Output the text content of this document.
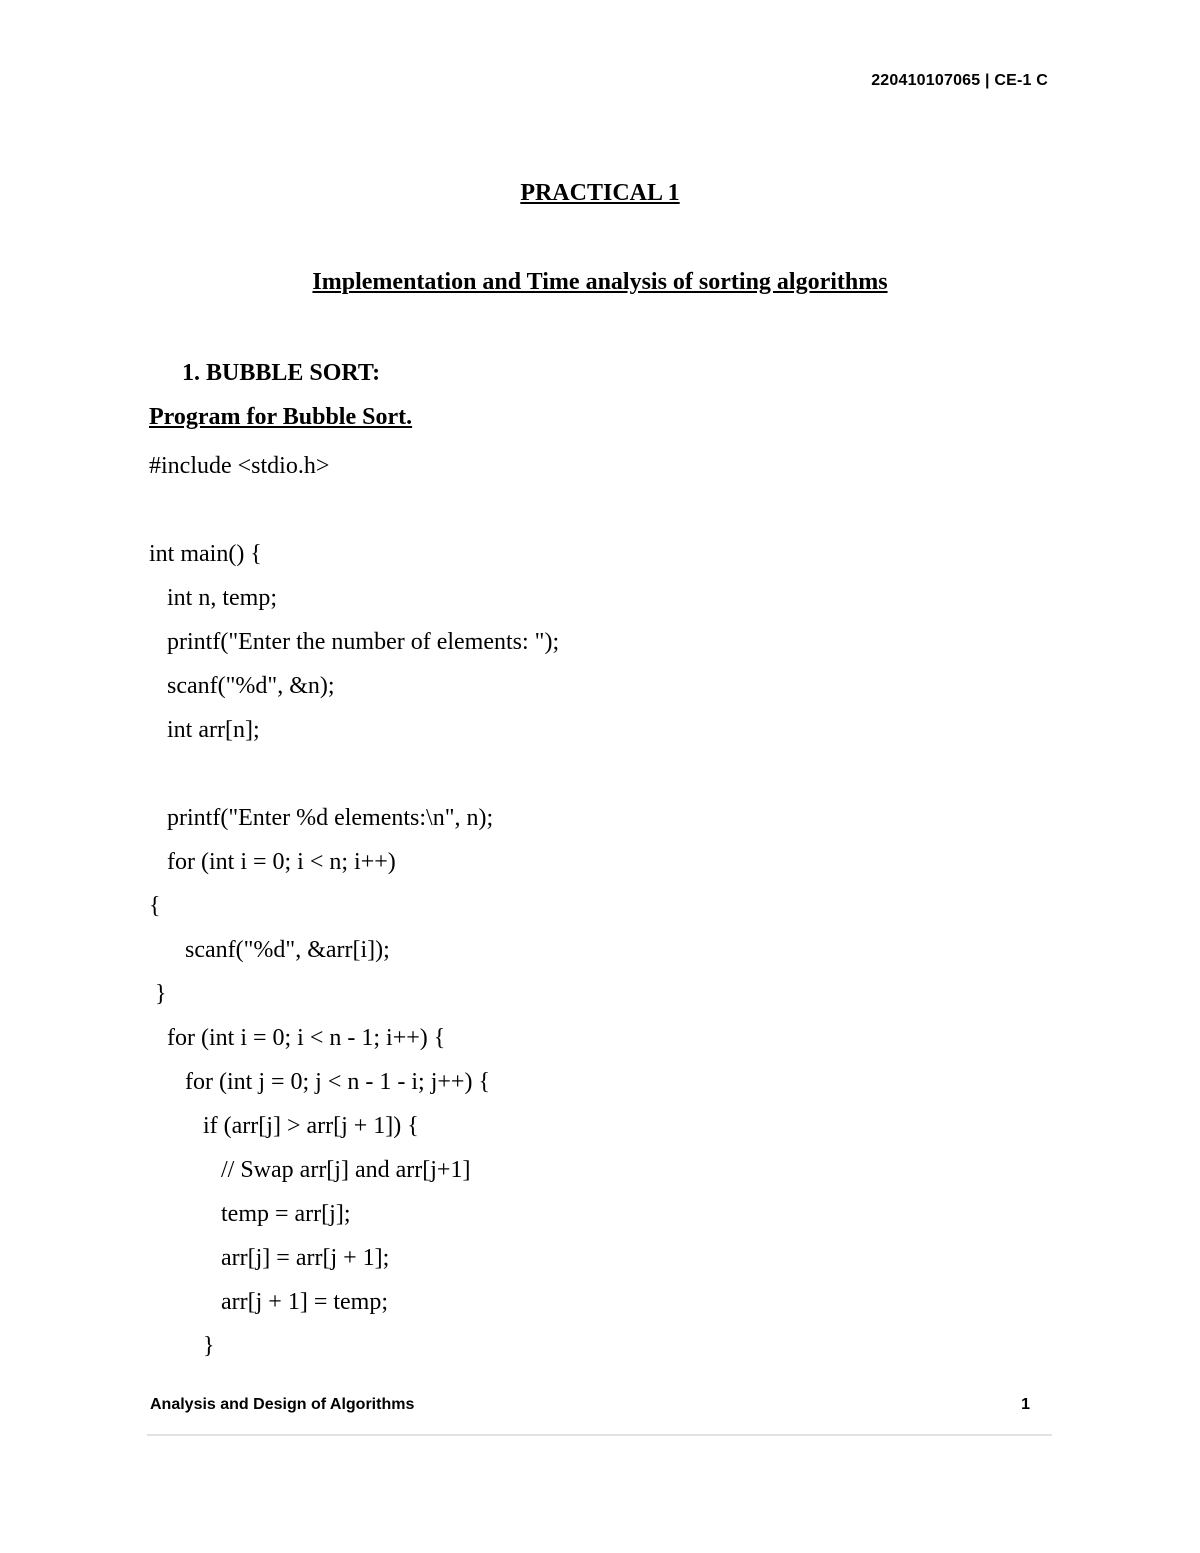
220410107065 | CE-1 C
PRACTICAL 1
Implementation and Time analysis of sorting algorithms
1. BUBBLE SORT:
Program for Bubble Sort.
#include <stdio.h>
int main() {
int n, temp;
printf("Enter the number of elements: ");
scanf("%d", &n);
int arr[n];
printf("Enter %d elements:\n", n);
for (int i = 0; i < n; i++)
{
scanf("%d", &arr[i]);
}
for (int i = 0; i < n - 1; i++) {
for (int j = 0; j < n - 1 - i; j++) {
if (arr[j] > arr[j + 1]) {
// Swap arr[j] and arr[j+1]
temp = arr[j];
arr[j] = arr[j + 1];
arr[j + 1] = temp;
}
Analysis and Design of Algorithms	1
